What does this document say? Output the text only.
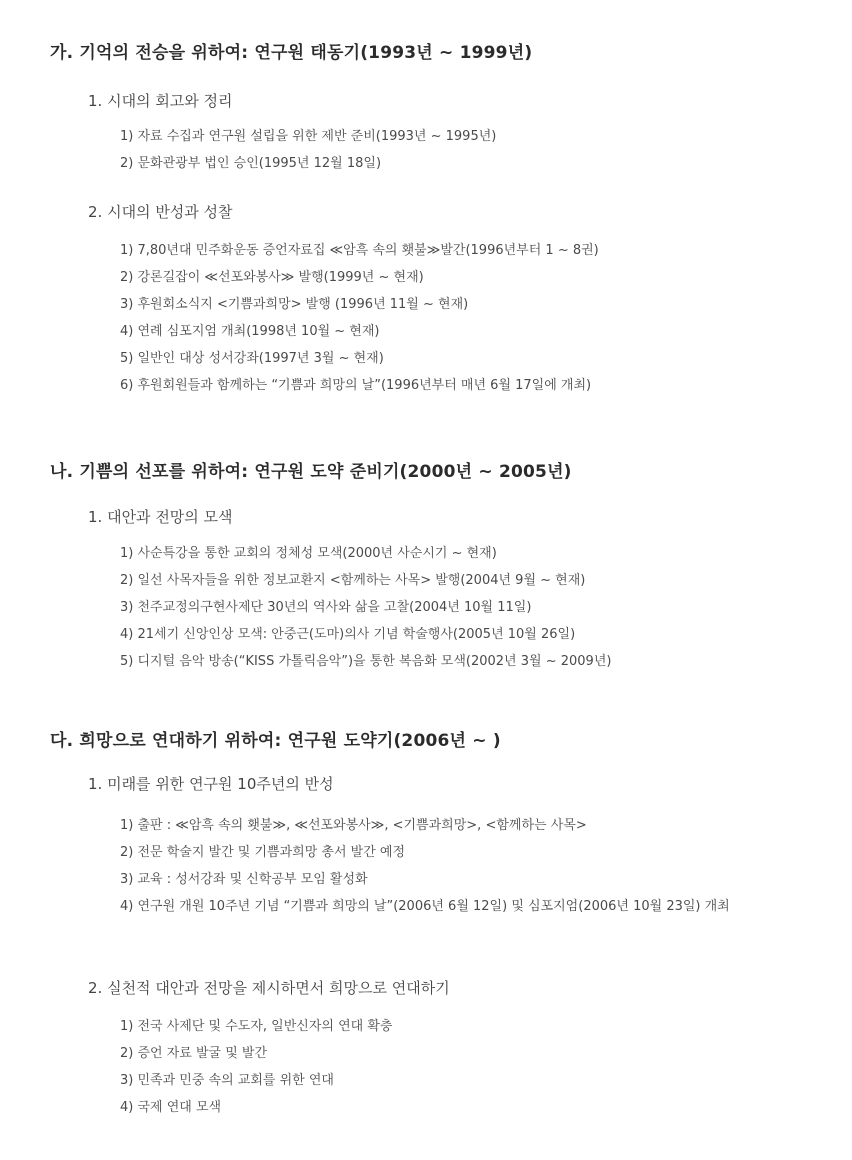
가. 기억의 전승을 위하여: 연구원 태동기(1993년 ~ 1999년)
1. 시대의 회고와 정리
1) 자료 수집과 연구원 설립을 위한 제반 준비(1993년 ~ 1995년)
2) 문화관광부 법인 승인(1995년 12월 18일)
2. 시대의 반성과 성찰
1) 7,80년대 민주화운동 증언자료집 ≪암흑 속의 횃불≫발간(1996년부터 1 ~ 8권)
2) 강론길잡이 ≪선포와봉사≫ 발행(1999년 ~ 현재)
3) 후원회소식지 <기쁨과희망> 발행 (1996년 11월 ~ 현재)
4) 연례 심포지엄 개최(1998년 10월 ~ 현재)
5) 일반인 대상 성서강좌(1997년 3월 ~ 현재)
6) 후원회원들과 함께하는 “기쁨과 희망의 날”(1996년부터 매년 6월 17일에 개최)
나. 기쁨의 선포를 위하여: 연구원 도약 준비기(2000년 ~ 2005년)
1. 대안과 전망의 모색
1) 사순특강을 통한 교회의 정체성 모색(2000년 사순시기 ~ 현재)
2) 일선 사목자들을 위한 정보교환지 <함께하는 사목> 발행(2004년 9월 ~ 현재)
3) 천주교정의구현사제단 30년의 역사와 삶을 고찰(2004년 10월 11일)
4) 21세기 신앙인상 모색: 안중근(도마)의사 기념 학술행사(2005년 10월 26일)
5) 디지털 음악 방송(“KISS 가톨릭음악”)을 통한 복음화 모색(2002년 3월 ~ 2009년)
다. 희망으로 연대하기 위하여: 연구원 도약기(2006년 ~ )
1. 미래를 위한 연구원 10주년의 반성
1) 출판 : ≪암흑 속의 횃불≫, ≪선포와봉사≫, <기쁨과희망>, <함께하는 사목>
2) 전문 학술지 발간 및 기쁨과희망 총서 발간 예정
3) 교육 : 성서강좌 및 신학공부 모임 활성화
4) 연구원 개원 10주년 기념 “기쁨과 희망의 날”(2006년 6월 12일) 및 심포지엄(2006년 10월 23일) 개최
2. 실천적 대안과 전망을 제시하면서 희망으로 연대하기
1) 전국 사제단 및 수도자, 일반신자의 연대 확충
2) 증언 자료 발굴 및 발간
3) 민족과 민중 속의 교회를 위한 연대
4) 국제 연대 모색
